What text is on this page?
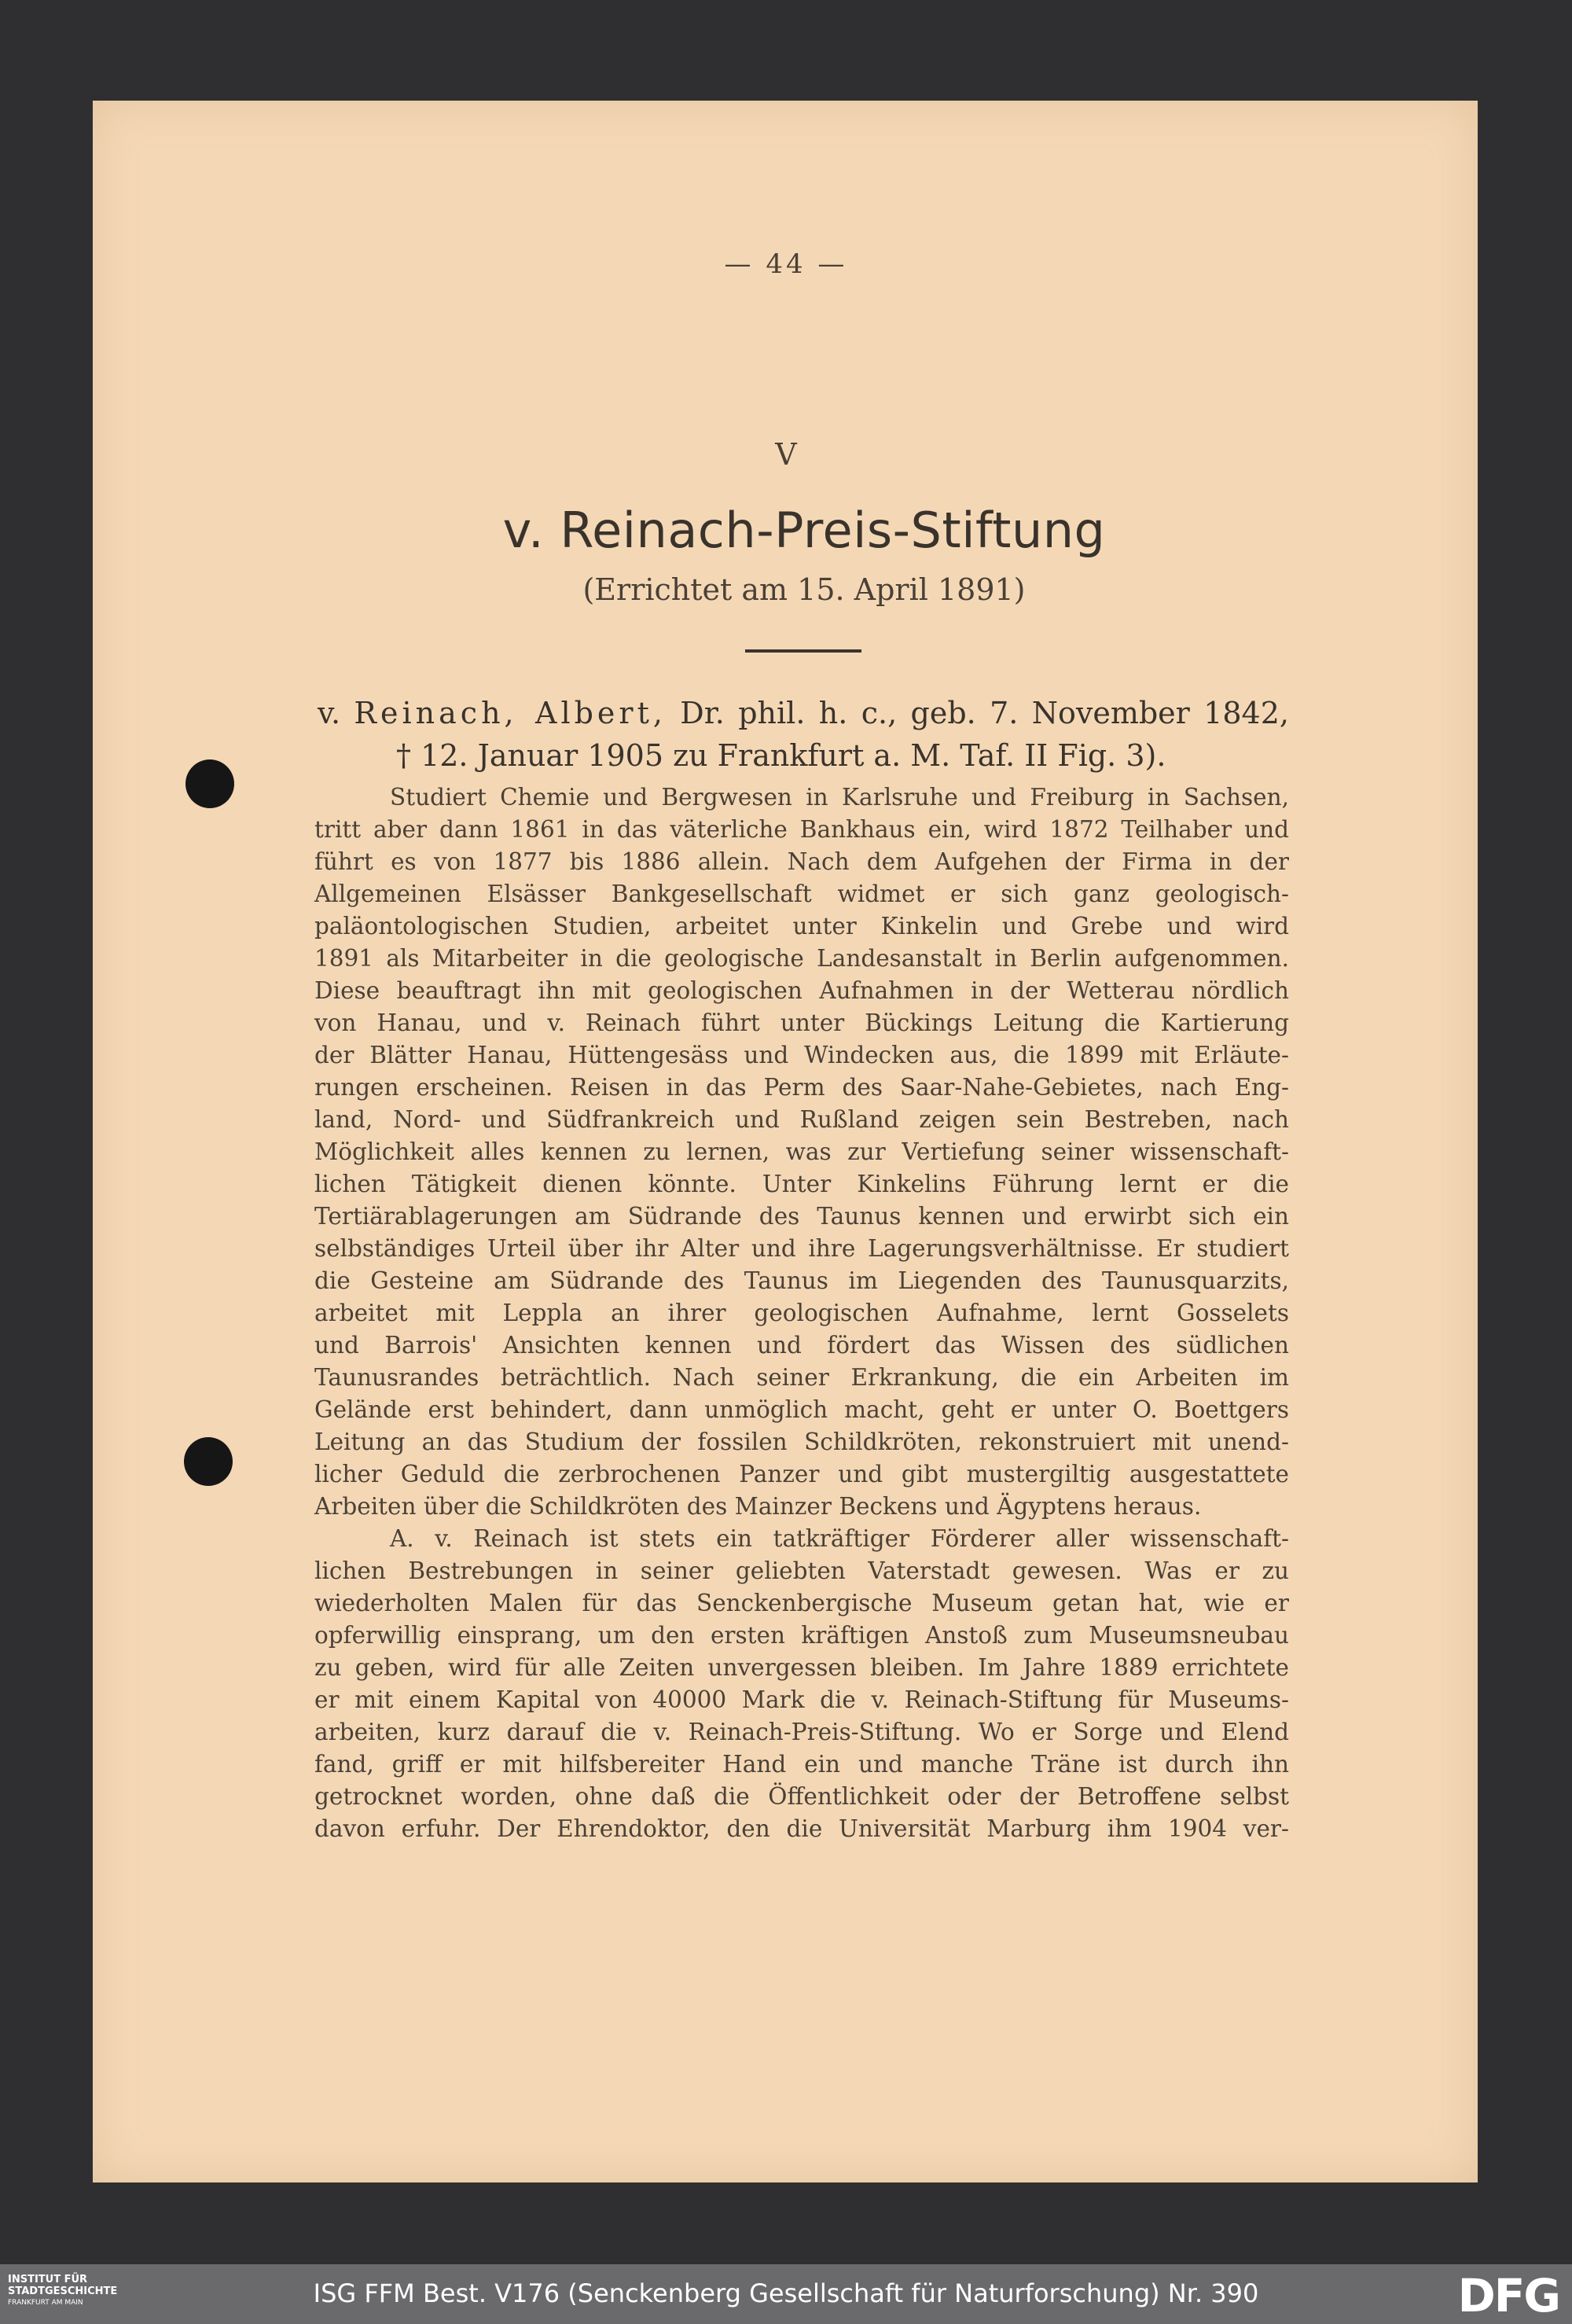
— 44 —
V
v. Reinach-Preis-Stiftung
(Errichtet am 15. April 1891)
v. Reinach, Albert, Dr. phil. h. c., geb. 7. November 1842,
† 12. Januar 1905 zu Frankfurt a. M. Taf. II Fig. 3).
Studiert Chemie und Bergwesen in Karlsruhe und Freiburg in Sachsen,
tritt aber dann 1861 in das väterliche Bankhaus ein, wird 1872 Teilhaber und
führt es von 1877 bis 1886 allein. Nach dem Aufgehen der Firma in der
Allgemeinen Elsässer Bankgesellschaft widmet er sich ganz geologisch-
paläontologischen Studien, arbeitet unter Kinkelin und Grebe und wird
1891 als Mitarbeiter in die geologische Landesanstalt in Berlin aufgenommen.
Diese beauftragt ihn mit geologischen Aufnahmen in der Wetterau nördlich
von Hanau, und v. Reinach führt unter Bückings Leitung die Kartierung
der Blätter Hanau, Hüttengesäss und Windecken aus, die 1899 mit Erläute-
rungen erscheinen. Reisen in das Perm des Saar-Nahe-Gebietes, nach Eng-
land, Nord- und Südfrankreich und Rußland zeigen sein Bestreben, nach
Möglichkeit alles kennen zu lernen, was zur Vertiefung seiner wissenschaft-
lichen Tätigkeit dienen könnte. Unter Kinkelins Führung lernt er die
Tertiärablagerungen am Südrande des Taunus kennen und erwirbt sich ein
selbständiges Urteil über ihr Alter und ihre Lagerungsverhältnisse. Er studiert
die Gesteine am Südrande des Taunus im Liegenden des Taunusquarzits,
arbeitet mit Leppla an ihrer geologischen Aufnahme, lernt Gosselets
und Barrois' Ansichten kennen und fördert das Wissen des südlichen
Taunusrandes beträchtlich. Nach seiner Erkrankung, die ein Arbeiten im
Gelände erst behindert, dann unmöglich macht, geht er unter O. Boettgers
Leitung an das Studium der fossilen Schildkröten, rekonstruiert mit unend-
licher Geduld die zerbrochenen Panzer und gibt mustergiltig ausgestattete
Arbeiten über die Schildkröten des Mainzer Beckens und Ägyptens heraus.
A. v. Reinach ist stets ein tatkräftiger Förderer aller wissenschaft-
lichen Bestrebungen in seiner geliebten Vaterstadt gewesen. Was er zu
wiederholten Malen für das Senckenbergische Museum getan hat, wie er
opferwillig einsprang, um den ersten kräftigen Anstoß zum Museumsneubau
zu geben, wird für alle Zeiten unvergessen bleiben. Im Jahre 1889 errichtete
er mit einem Kapital von 40000 Mark die v. Reinach-Stiftung für Museums-
arbeiten, kurz darauf die v. Reinach-Preis-Stiftung. Wo er Sorge und Elend
fand, griff er mit hilfsbereiter Hand ein und manche Träne ist durch ihn
getrocknet worden, ohne daß die Öffentlichkeit oder der Betroffene selbst
davon erfuhr. Der Ehrendoktor, den die Universität Marburg ihm 1904 ver-
INSTITUT FÜR
STADTGESCHICHTE
FRANKFURT AM MAIN	ISG FFM Best. V176 (Senckenberg Gesellschaft für Naturforschung) Nr. 390	DFG
